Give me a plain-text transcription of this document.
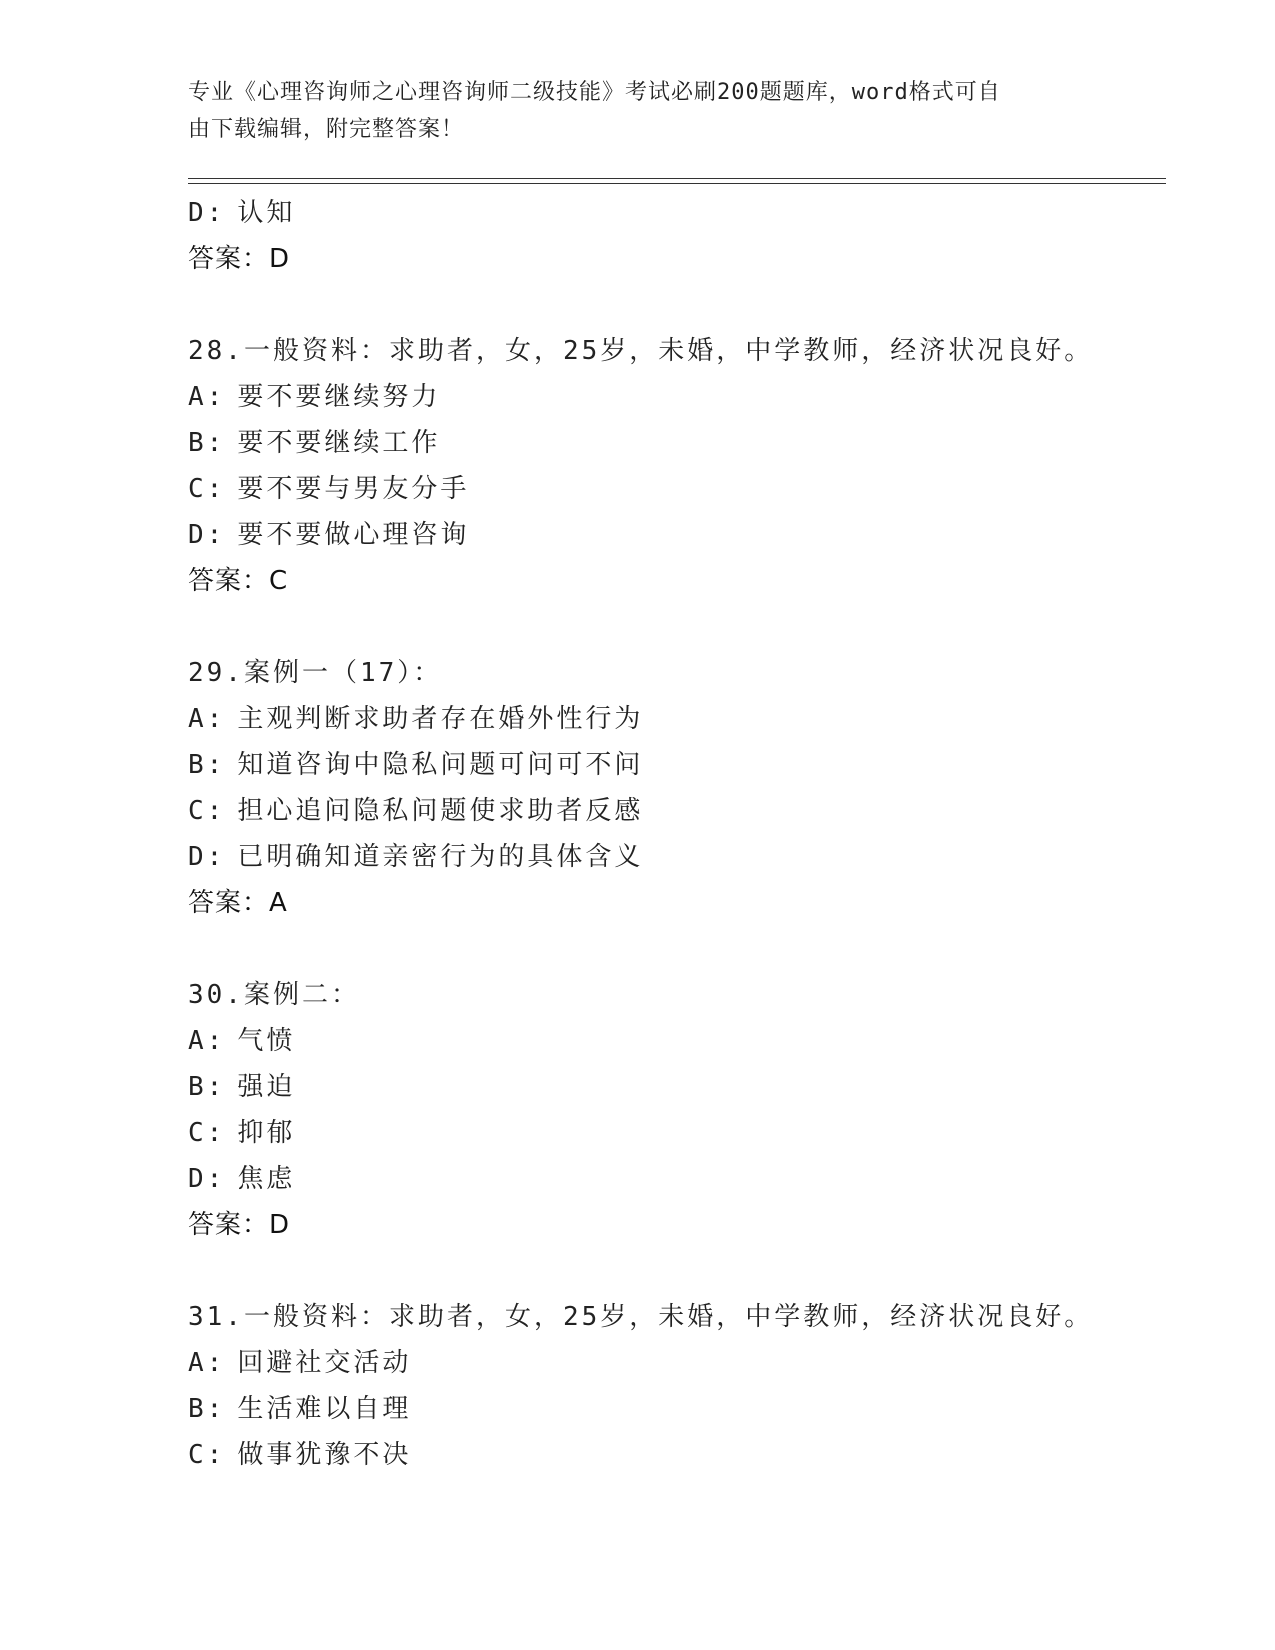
专业《心理咨询师之心理咨询师二级技能》考试必刷200题题库，word格式可自
由下载编辑，附完整答案！
D: 认知
答案：D
28.一般资料：求助者，女，25岁，未婚，中学教师，经济状况良好。
A: 要不要继续努力
B: 要不要继续工作
C: 要不要与男友分手
D: 要不要做心理咨询
答案：C
29.案例一（17）：
A: 主观判断求助者存在婚外性行为
B: 知道咨询中隐私问题可问可不问
C: 担心追问隐私问题使求助者反感
D: 已明确知道亲密行为的具体含义
答案：A
30.案例二：
A: 气愤
B: 强迫
C: 抑郁
D: 焦虑
答案：D
31.一般资料：求助者，女，25岁，未婚，中学教师，经济状况良好。
A: 回避社交活动
B: 生活难以自理
C: 做事犹豫不决
